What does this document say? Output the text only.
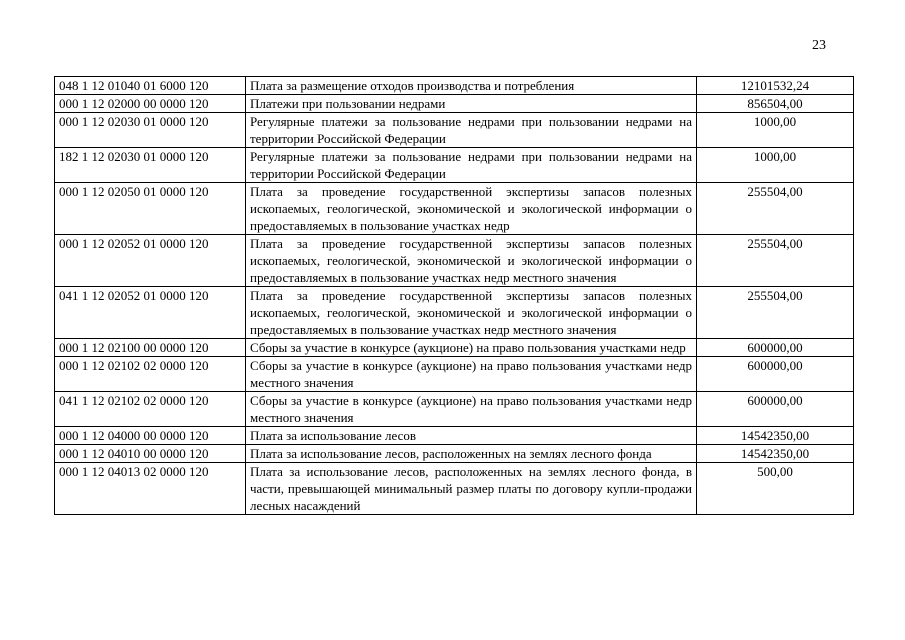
23
048 1 12 01040 01 6000 120	Плата за размещение отходов производства и потребления	12101532,24
000 1 12 02000 00 0000 120	Платежи при пользовании недрами	856504,00
000 1 12 02030 01 0000 120	Регулярные платежи за пользование недрами при пользовании недрами на территории Российской Федерации	1000,00
182 1 12 02030 01 0000 120	Регулярные платежи за пользование недрами при пользовании недрами на территории Российской Федерации	1000,00
000 1 12 02050 01 0000 120	Плата за проведение государственной экспертизы запасов полезных ископаемых, геологической, экономической и экологической информации о предоставляемых в пользование участках недр	255504,00
000 1 12 02052 01 0000 120	Плата за проведение государственной экспертизы запасов полезных ископаемых, геологической, экономической и экологической информации о предоставляемых в пользование участках недр местного значения	255504,00
041 1 12 02052 01 0000 120	Плата за проведение государственной экспертизы запасов полезных ископаемых, геологической, экономической и экологической информации о предоставляемых в пользование участках недр местного значения	255504,00
000 1 12 02100 00 0000 120	Сборы за участие в конкурсе (аукционе) на право пользования участками недр	600000,00
000 1 12 02102 02 0000 120	Сборы за участие в конкурсе (аукционе) на право пользования участками недр местного значения	600000,00
041 1 12 02102 02 0000 120	Сборы за участие в конкурсе (аукционе) на право пользования участками недр местного значения	600000,00
000 1 12 04000 00 0000 120	Плата за использование лесов	14542350,00
000 1 12 04010 00 0000 120	Плата за использование лесов, расположенных на землях лесного фонда	14542350,00
000 1 12 04013 02 0000 120	Плата за использование лесов, расположенных на землях лесного фонда, в части, превышающей минимальный размер платы по договору купли-продажи лесных насаждений	500,00
